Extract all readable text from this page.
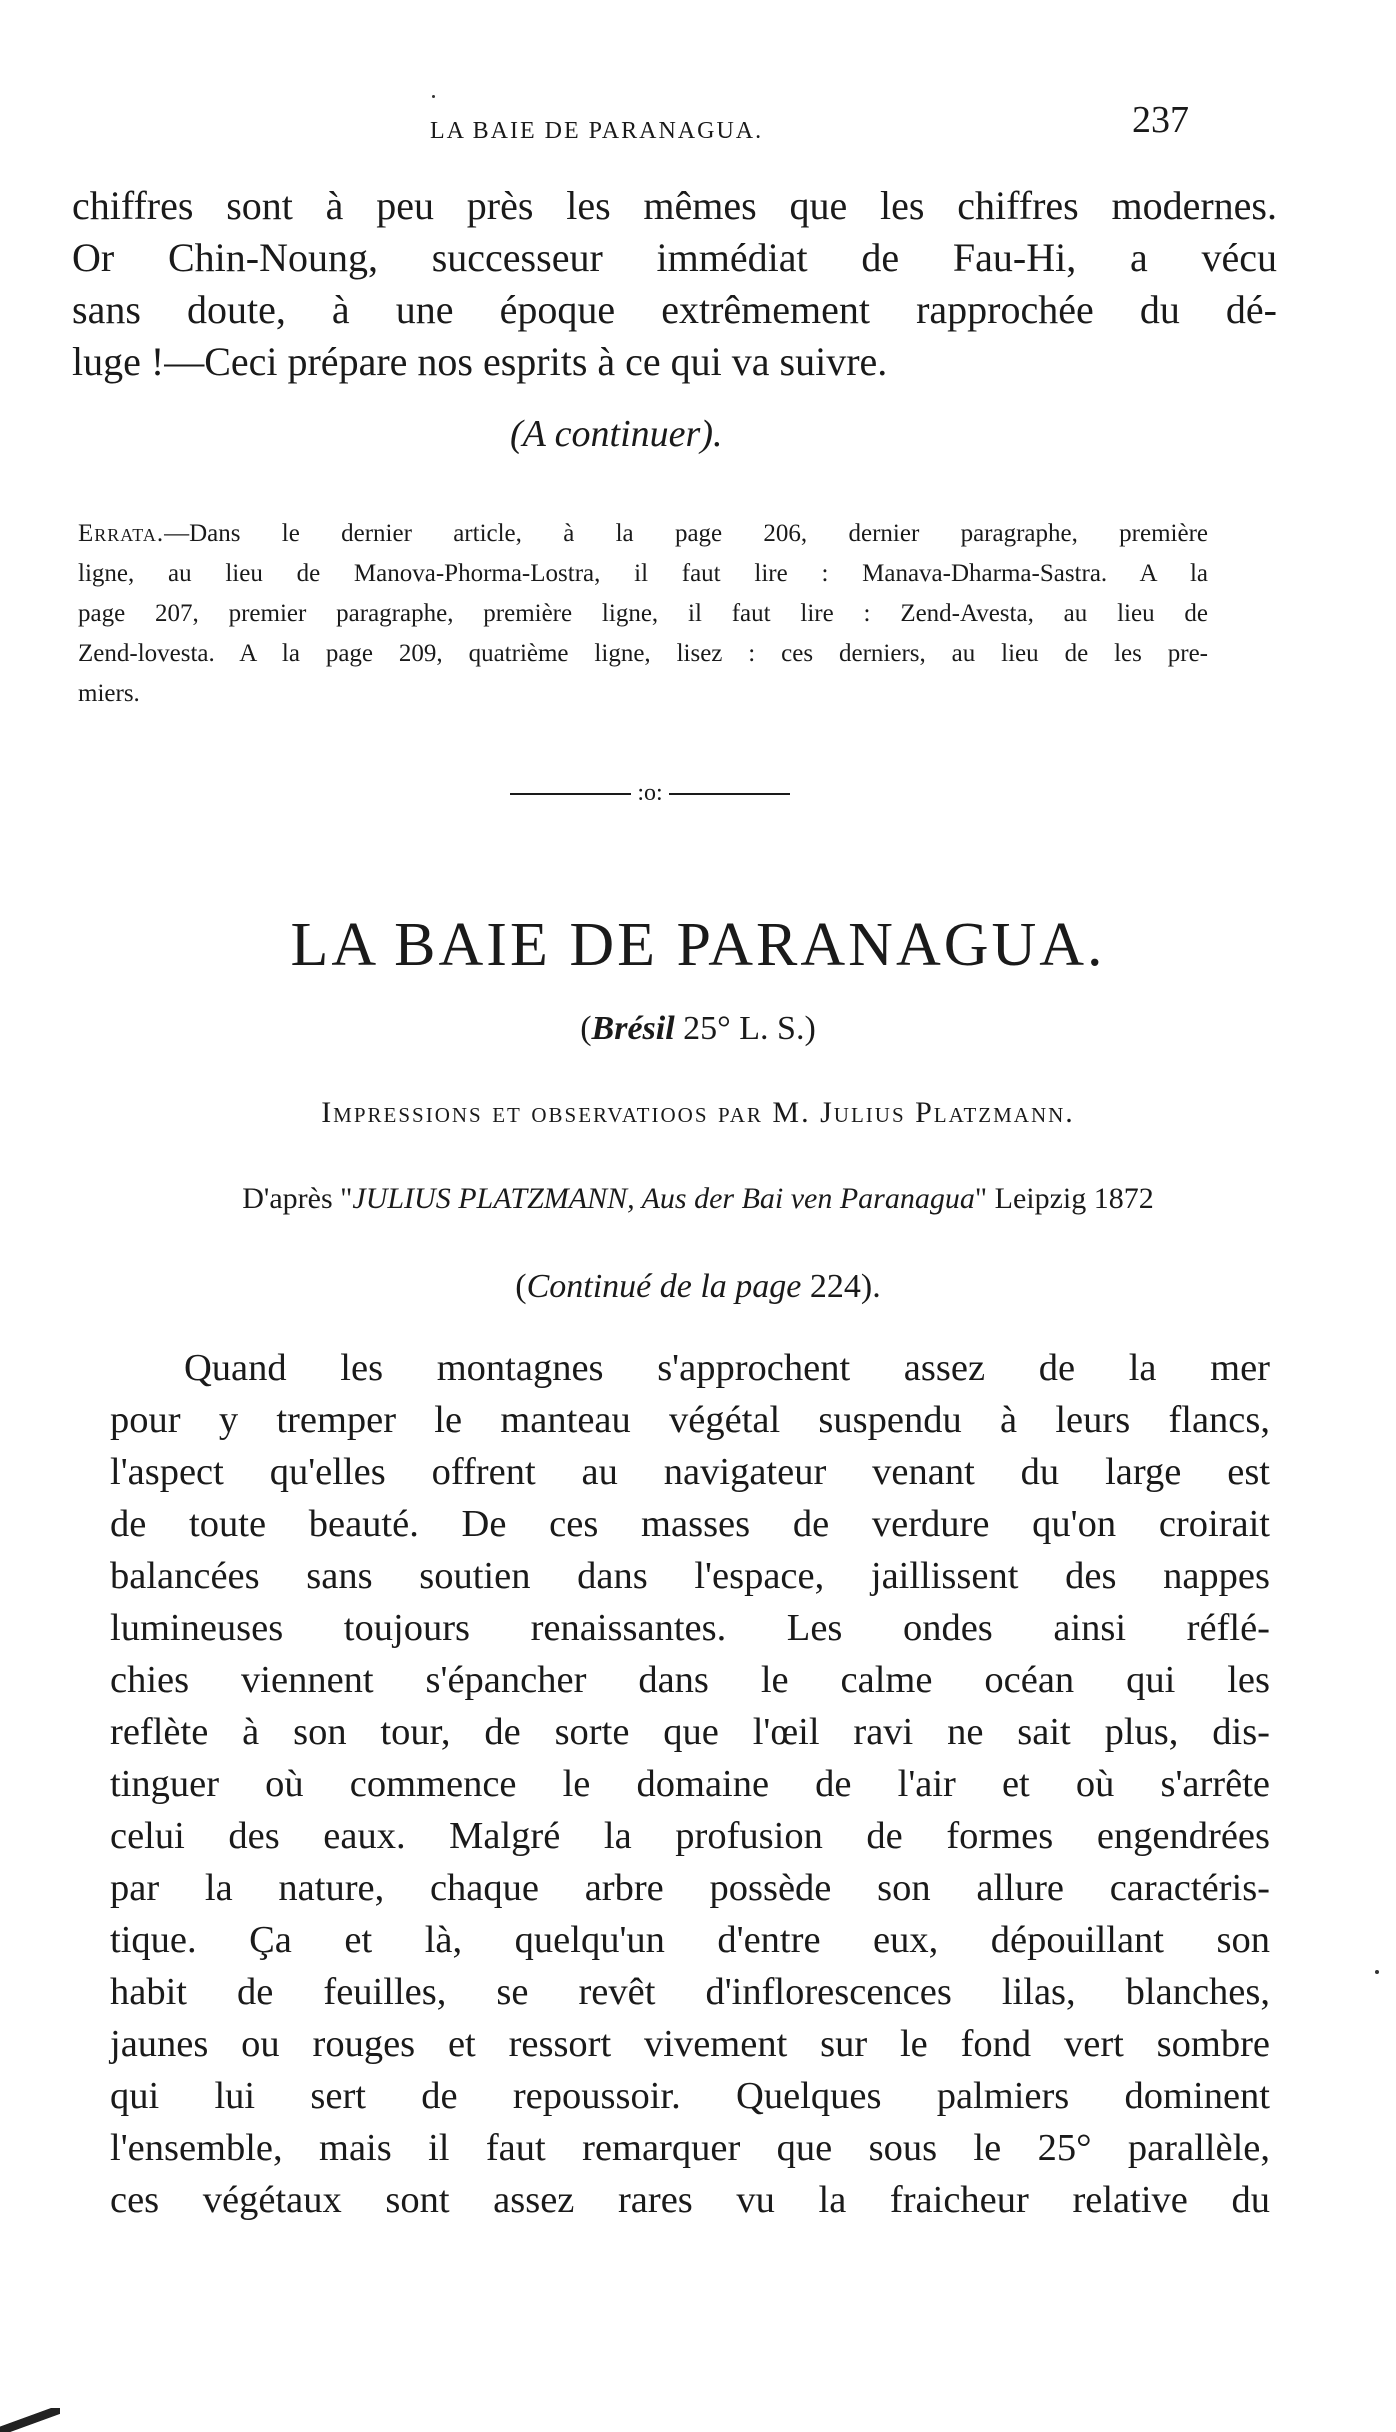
LA BAIE DE PARANAGUA.	237

chiffres sont à peu près les mêmes que les chiffres modernes.
Or Chin-Noung, successeur immédiat de Fau-Hi, a vécu
sans doute, à une époque extrêmement rapprochée du dé-
luge !—Ceci prépare nos esprits à ce qui va suivre.

(A continuer).

Errata.—Dans le dernier article, à la page 206, dernier paragraphe, première
ligne, au lieu de Manova-Phorma-Lostra, il faut lire : Manava-Dharma-Sastra. A la
page 207, premier paragraphe, première ligne, il faut lire : Zend-Avesta, au lieu de
Zend-lovesta. A la page 209, quatrième ligne, lisez : ces derniers, au lieu de les pre-
miers.

:o:
LA BAIE DE PARANAGUA.
(Brésil 25° L. S.)
Impressions et observatioos par M. Julius Platzmann.
D'après "JULIUS PLATZMANN, Aus der Bai ven Paranagua" Leipzig 1872
(Continué de la page 224).

Quand les montagnes s'approchent assez de la mer
pour y tremper le manteau végétal suspendu à leurs flancs,
l'aspect qu'elles offrent au navigateur venant du large est
de toute beauté. De ces masses de verdure qu'on croirait
balancées sans soutien dans l'espace, jaillissent des nappes
lumineuses toujours renaissantes. Les ondes ainsi réflé-
chies viennent s'épancher dans le calme océan qui les
reflète à son tour, de sorte que l'œil ravi ne sait plus, dis-
tinguer où commence le domaine de l'air et où s'arrête
celui des eaux. Malgré la profusion de formes engendrées
par la nature, chaque arbre possède son allure caractéris-
tique. Ça et là, quelqu'un d'entre eux, dépouillant son
habit de feuilles, se revêt d'inflorescences lilas, blanches,
jaunes ou rouges et ressort vivement sur le fond vert sombre
qui lui sert de repoussoir. Quelques palmiers dominent
l'ensemble, mais il faut remarquer que sous le 25° parallèle,
ces végétaux sont assez rares vu la fraicheur relative du
